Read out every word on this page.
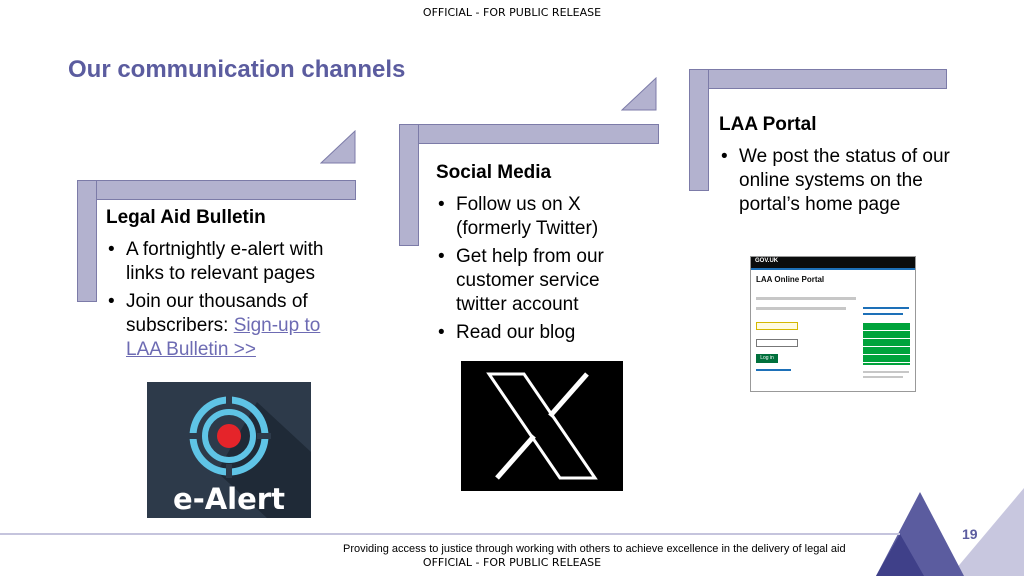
OFFICIAL - FOR PUBLIC RELEASE
Our communication channels
Legal Aid Bulletin
• A fortnightly e-alert with links to relevant pages
• Join our thousands of subscribers: Sign-up to LAA Bulletin >>
e-Alert
Social Media
• Follow us on X (formerly Twitter)
• Get help from our customer service twitter account
• Read our blog
LAA Portal
• We post the status of our online systems on the portal’s home page
GOV.UK
LAA Online Portal
Log in
Providing access to justice through working with others to achieve excellence in the delivery of legal aid
19
OFFICIAL - FOR PUBLIC RELEASE
